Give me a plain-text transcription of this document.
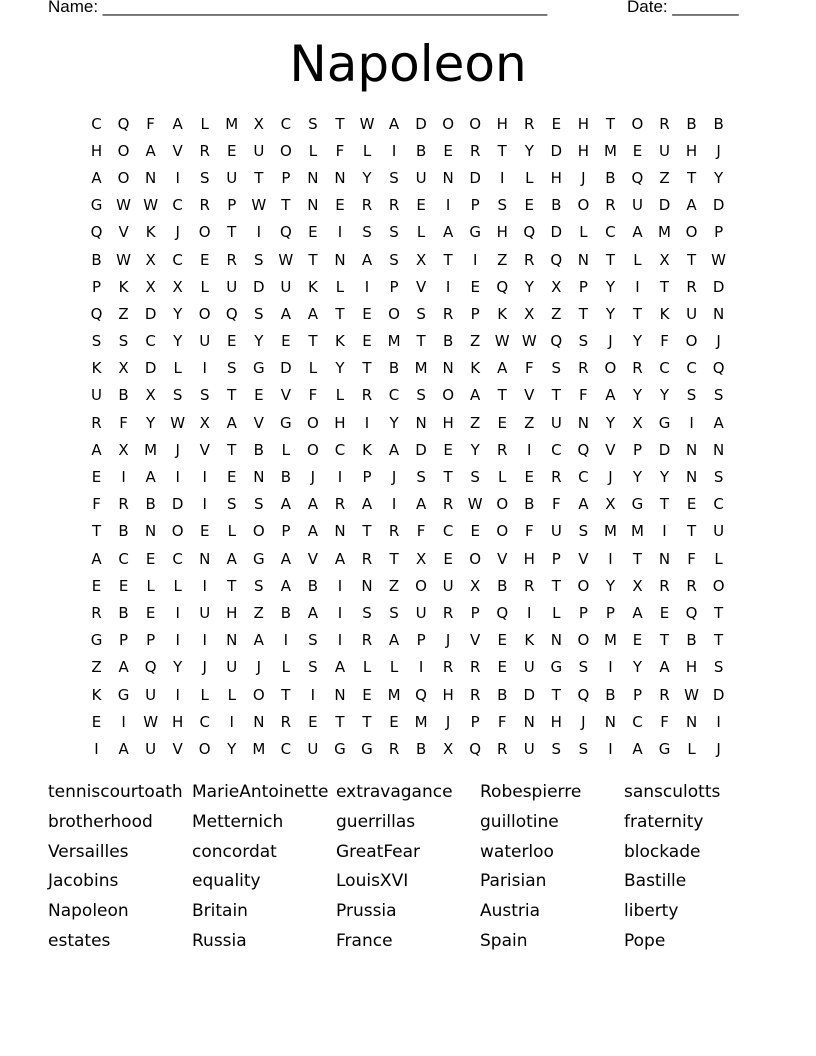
Name: _______________________________________________	Date: _______
Napoleon
C	Q	F	A	L	M	X	C	S	T	W A	D	O	O	H	R	E	H	T	O	R	B	B
H	O	A	V	R	E	U	O	L	F	L	I	B	E	R	T	Y	D	H M	E	U	H	J
A	O	N	I	S	U	T	P	N	N	Y	S	U	N	D	I	L	H	J	B	Q	Z	T	Y
G W W C	R	P	W	T	N	E	R	R	E	I	P	S	E	B	O	R	U	D	A	D
Q	V	K	J	O	T	I	Q	E	I	S	S	L	A	G	H	Q	D	L	C	A	M O	P
B W X	C	E	R	S W	T	N	A	S	X	T	I	Z	R	Q	N	T	L	X	T	W
P	K	X	X	L	U	D	U	K	L	I	P	V	I	E	Q	Y	X	P	Y	I	T	R	D
Q	Z	D	Y	O	Q	S	A	A	T	E	O	S	R	P	K	X	Z	T	Y	T	K	U	N
S	S	C	Y	U	E	Y	E	T	K	E	M	T	B	Z W W Q	S	J	Y	F	O	J
K	X	D	L	I	S	G	D	L	Y	T	B	M N	K	A	F	S	R	O	R	C	C	Q
U	B	X	S	S	T	E	V	F	L	R	C	S	O	A	T	V	T	F	A	Y	Y	S	S
R	F	Y	W X	A	V	G	O	H	I	Y	N	H	Z	E	Z	U	N	Y	X	G	I	A
A	X	M	J	V	T	B	L	O	C	K	A	D	E	Y	R	I	C	Q	V	P	D	N	N
E	I	A	I	I	E	N	B	J	I	P	J	S	T	S	L	E	R	C	J	Y	Y	N	S
F	R	B	D	I	S	S	A	A	R	A	I	A	R W O	B	F	A	X	G	T	E	C
T	B	N	O	E	L	O	P	A	N	T	R	F	C	E	O	F	U	S	M M	I	T	U
A	C	E	C	N	A	G	A	V	A	R	T	X	E	O	V	H	P	V	I	T	N	F	L
E	E	L	L	I	T	S	A	B	I	N	Z	O	U	X	B	R	T	O	Y	X	R	R	O
R	B	E	I	U	H	Z	B	A	I	S	S	U	R	P	Q	I	L	P	P	A	E	Q	T
G	P	P	I	I	N	A	I	S	I	R	A	P	J	V	E	K	N	O M	E	T	B	T
Z	A	Q	Y	J	U	J	L	S	A	L	L	I	R	R	E	U	G	S	I	Y	A	H	S
K	G	U	I	L	L	O	T	I	N	E	M Q	H	R	B	D	T	Q	B	P	R W D
E	I	W H	C	I	N	R	E	T	T	E	M	J	P	F	N	H	J	N	C	F	N	I
I	A	U	V	O	Y	M	C	U	G	G	R	B	X	Q	R	U	S	S	I	A	G	L	J
tenniscourtoath MarieAntoinette extravagance	Robespierre	sansculotts
brotherhood	Metternich	guerrillas	guillotine	fraternity
Versailles	concordat	GreatFear	waterloo	blockade
Jacobins	equality	LouisXVI	Parisian	Bastille
Napoleon	Britain	Prussia	Austria	liberty
estates	Russia	France	Spain	Pope
